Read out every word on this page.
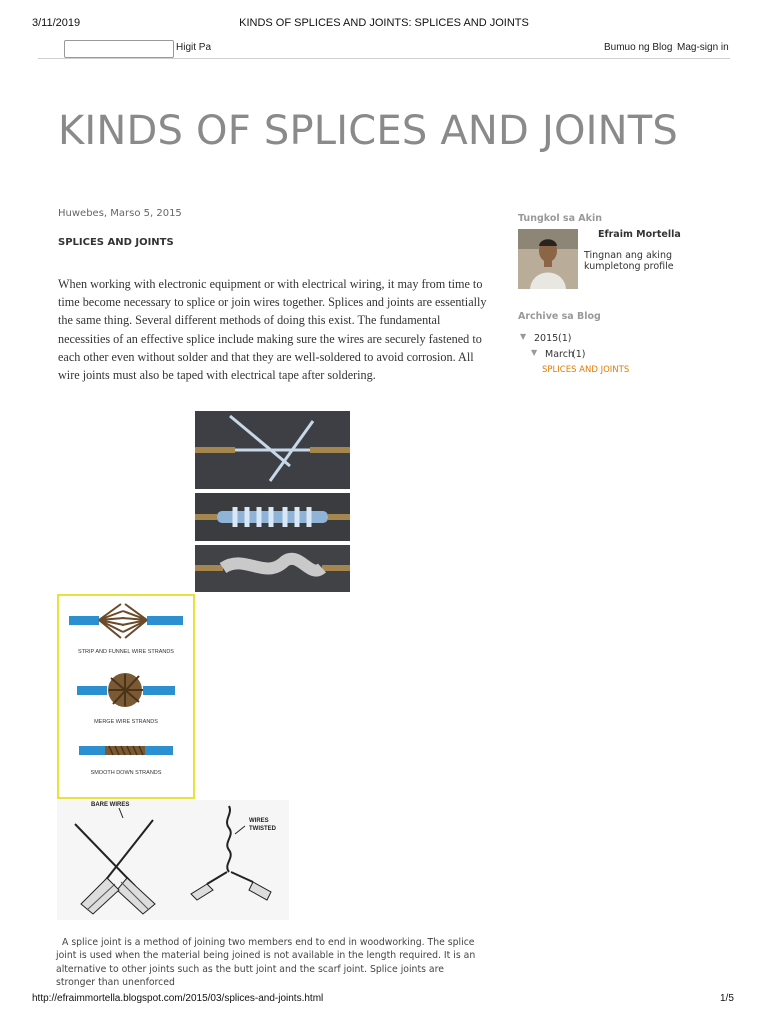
3/11/2019	KINDS OF SPLICES AND JOINTS: SPLICES AND JOINTS
Higit Pa	Bumuo ng Blog Mag-sign in
KINDS OF SPLICES AND JOINTS
Huwebes, Marso 5, 2015
SPLICES AND JOINTS
When working with electronic equipment or with electrical wiring, it may from time to time become necessary to splice or join wires together. Splices and joints are essentially the same thing. Several different methods of doing this exist. The fundamental necessities of an effective splice include making sure the wires are securely fastened to each other even without solder and that they are well-soldered to avoid corrosion. All wire joints must also be taped with electrical tape after soldering.
STRIP AND FUNNEL WIRE STRANDS
MERGE WIRE STRANDS
SMOOTH DOWN STRANDS
BARE WIRES
WIRES
TWISTED
A splice joint is a method of joining two members end to end in woodworking. The splice joint is used when the material being joined is not available in the length required. It is an alternative to other joints such as the butt joint and the scarf joint. Splice joints are stronger than unenforced
Tungkol sa Akin
Efraim Mortella
Tingnan ang aking kumpletong profile
Archive sa Blog
▼ 2015 (1)
▼ March
(1)
SPLICES AND JOINTS
http://efraimmortella.blogspot.com/2015/03/splices-and-joints.html	1/5
